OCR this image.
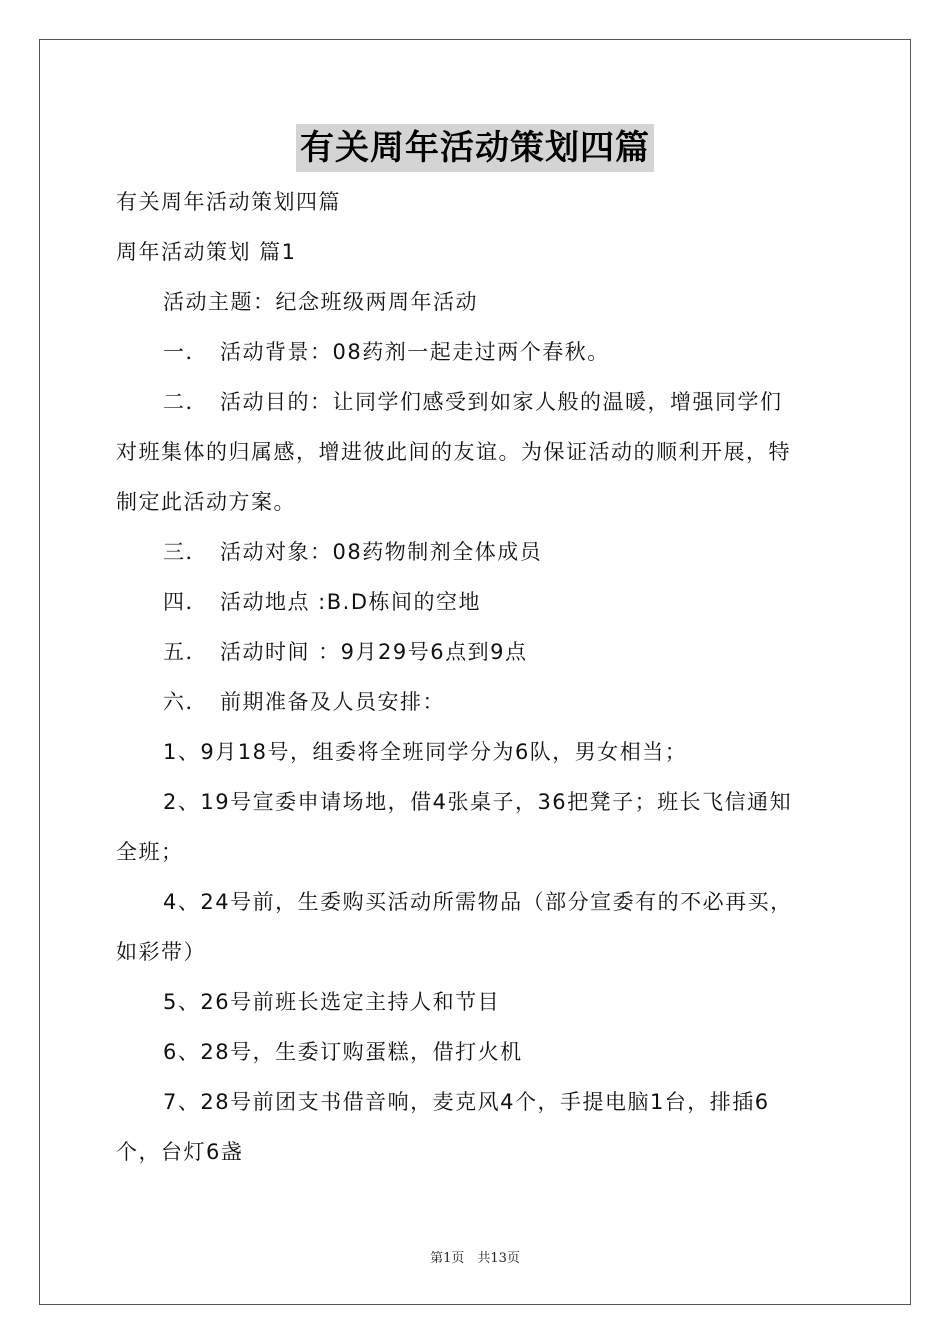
有关周年活动策划四篇
有关周年活动策划四篇
周年活动策划 篇1
活动主题：纪念班级两周年活动
一．　活动背景：08药剂一起走过两个春秋。
二．　活动目的：让同学们感受到如家人般的温暖，增强同学们
对班集体的归属感，增进彼此间的友谊。为保证活动的顺利开展，特
制定此活动方案。
三．　活动对象：08药物制剂全体成员
四．　活动地点 :B.D栋间的空地
五．　活动时间 ：9月29号6点到9点
六．　前期准备及人员安排：
1、9月18号，组委将全班同学分为6队，男女相当；
2、19号宣委申请场地，借4张桌子，36把凳子；班长飞信通知
全班；
4、24号前，生委购买活动所需物品（部分宣委有的不必再买，
如彩带）
5、26号前班长选定主持人和节目
6、28号，生委订购蛋糕，借打火机
7、28号前团支书借音响，麦克风4个，手提电脑1台，排插6
个，台灯6盏
第1页　共13页
